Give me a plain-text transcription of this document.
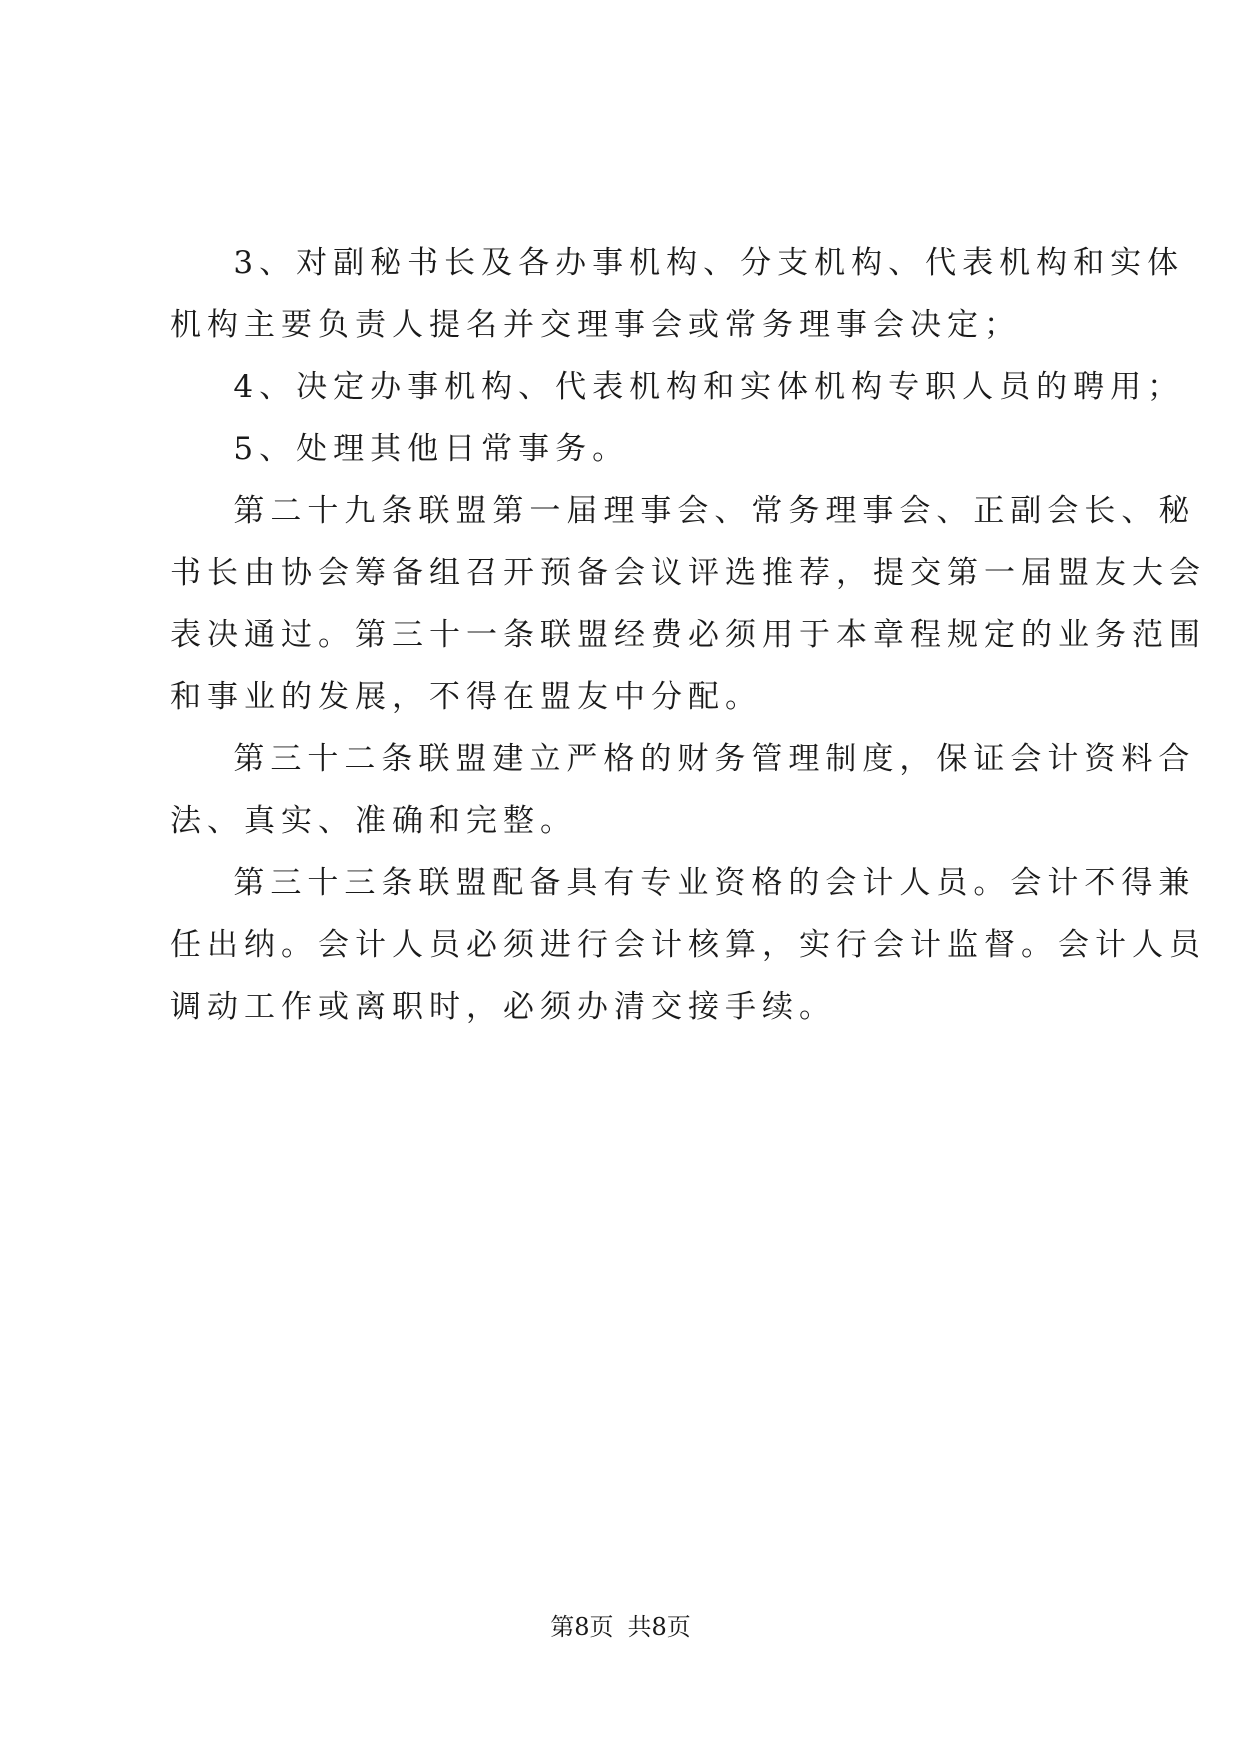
3、对副秘书长及各办事机构、分支机构、代表机构和实体
机构主要负责人提名并交理事会或常务理事会决定；
4、决定办事机构、代表机构和实体机构专职人员的聘用；
5、处理其他日常事务。
第二十九条联盟第一届理事会、常务理事会、正副会长、秘
书长由协会筹备组召开预备会议评选推荐，提交第一届盟友大会
表决通过。第三十一条联盟经费必须用于本章程规定的业务范围
和事业的发展，不得在盟友中分配。
第三十二条联盟建立严格的财务管理制度，保证会计资料合
法、真实、准确和完整。
第三十三条联盟配备具有专业资格的会计人员。会计不得兼
任出纳。会计人员必须进行会计核算，实行会计监督。会计人员
调动工作或离职时，必须办清交接手续。
第8页 共8页
